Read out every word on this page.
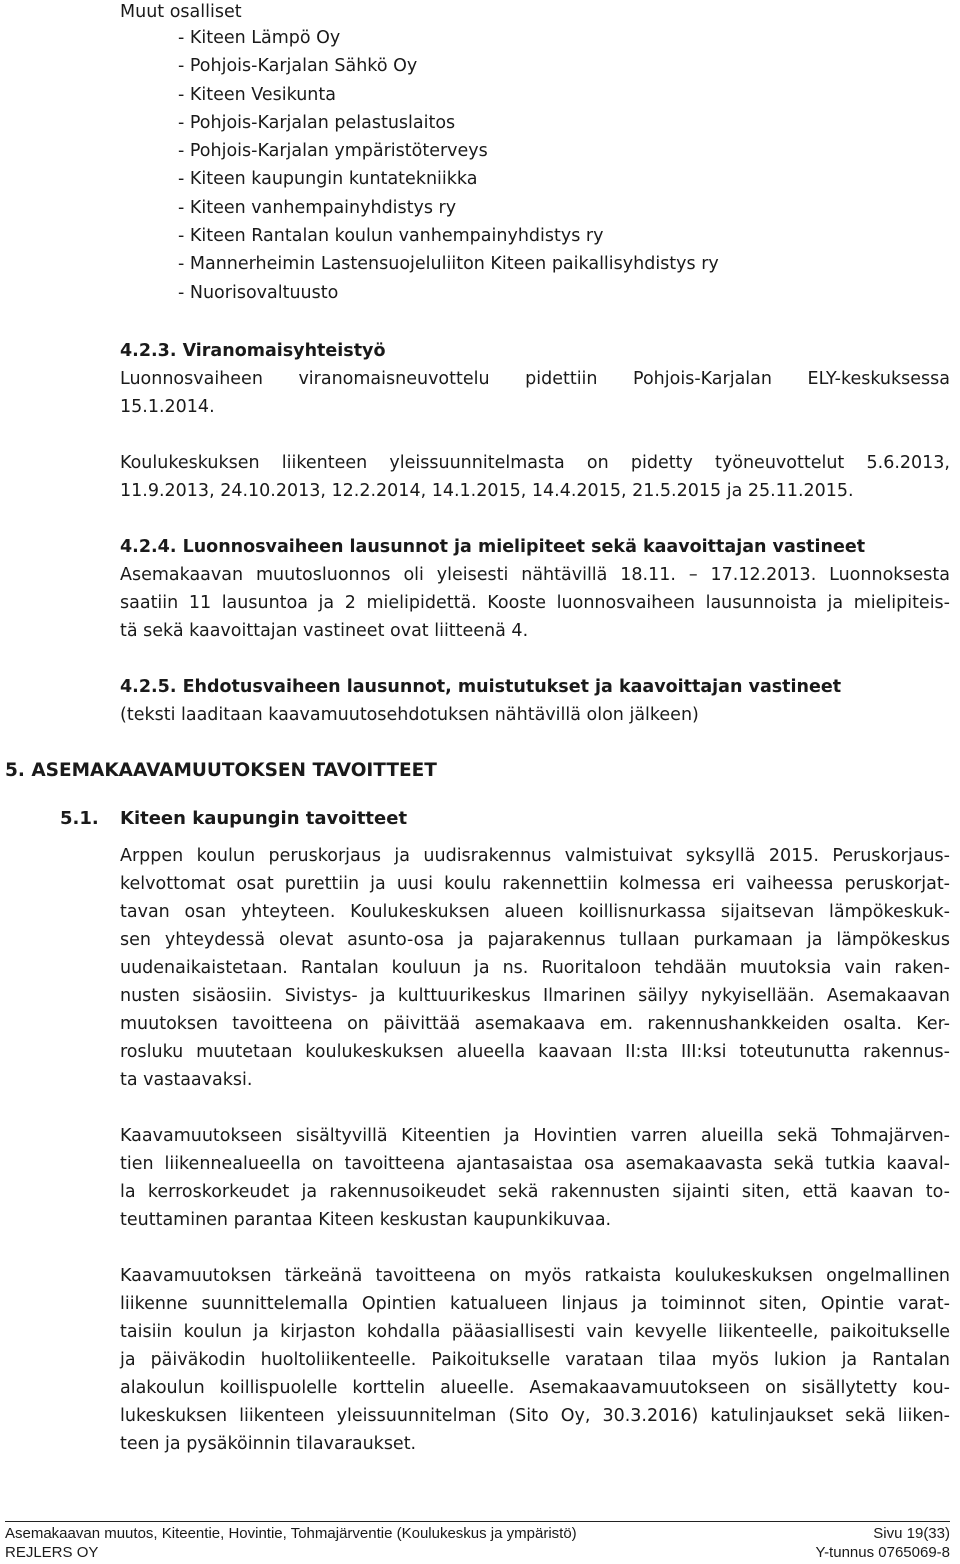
Muut osalliset
- Kiteen Lämpö Oy
- Pohjois-Karjalan Sähkö Oy
- Kiteen Vesikunta
- Pohjois-Karjalan pelastuslaitos
- Pohjois-Karjalan ympäristöterveys
- Kiteen kaupungin kuntatekniikka
- Kiteen vanhempainyhdistys ry
- Kiteen Rantalan koulun vanhempainyhdistys ry
- Mannerheimin Lastensuojeluliiton Kiteen paikallisyhdistys ry
- Nuorisovaltuusto
4.2.3. Viranomaisyhteistyö
Luonnosvaiheen viranomaisneuvottelu pidettiin Pohjois-Karjalan ELY-keskuksessa
15.1.2014.
Koulukeskuksen liikenteen yleissuunnitelmasta on pidetty työneuvottelut 5.6.2013,
11.9.2013, 24.10.2013, 12.2.2014, 14.1.2015, 14.4.2015, 21.5.2015 ja 25.11.2015.
4.2.4. Luonnosvaiheen lausunnot ja mielipiteet sekä kaavoittajan vastineet
Asemakaavan muutosluonnos oli yleisesti nähtävillä 18.11. – 17.12.2013. Luonnoksesta
saatiin 11 lausuntoa ja 2 mielipidettä. Kooste luonnosvaiheen lausunnoista ja mielipiteis-
tä sekä kaavoittajan vastineet ovat liitteenä 4.
4.2.5. Ehdotusvaiheen lausunnot, muistutukset ja kaavoittajan vastineet
(teksti laaditaan kaavamuutosehdotuksen nähtävillä olon jälkeen)
5. ASEMAKAAVAMUUTOKSEN TAVOITTEET
5.1. Kiteen kaupungin tavoitteet
Arppen koulun peruskorjaus ja uudisrakennus valmistuivat syksyllä 2015. Peruskorjaus-
kelvottomat osat purettiin ja uusi koulu rakennettiin kolmessa eri vaiheessa peruskorjat-
tavan osan yhteyteen. Koulukeskuksen alueen koillisnurkassa sijaitsevan lämpökeskuk-
sen yhteydessä olevat asunto-osa ja pajarakennus tullaan purkamaan ja lämpökeskus
uudenaikaistetaan. Rantalan kouluun ja ns. Ruoritaloon tehdään muutoksia vain raken-
nusten sisäosiin. Sivistys- ja kulttuurikeskus Ilmarinen säilyy nykyisellään. Asemakaavan
muutoksen tavoitteena on päivittää asemakaava em. rakennushankkeiden osalta. Ker-
rosluku muutetaan koulukeskuksen alueella kaavaan II:sta III:ksi toteutunutta rakennus-
ta vastaavaksi.
Kaavamuutokseen sisältyvillä Kiteentien ja Hovintien varren alueilla sekä Tohmajärven-
tien liikennealueella on tavoitteena ajantasaistaa osa asemakaavasta sekä tutkia kaaval-
la kerroskorkeudet ja rakennusoikeudet sekä rakennusten sijainti siten, että kaavan to-
teuttaminen parantaa Kiteen keskustan kaupunkikuvaa.
Kaavamuutoksen tärkeänä tavoitteena on myös ratkaista koulukeskuksen ongelmallinen
liikenne suunnittelemalla Opintien katualueen linjaus ja toiminnot siten, Opintie varat-
taisiin koulun ja kirjaston kohdalla pääasiallisesti vain kevyelle liikenteelle, paikoitukselle
ja päiväkodin huoltoliikenteelle. Paikoitukselle varataan tilaa myös lukion ja Rantalan
alakoulun koillispuolelle korttelin alueelle. Asemakaavamuutokseen on sisällytetty kou-
lukeskuksen liikenteen yleissuunnitelman (Sito Oy, 30.3.2016) katulinjaukset sekä liiken-
teen ja pysäköinnin tilavaraukset.
Asemakaavan muutos, Kiteentie, Hovintie, Tohmajärventie (Koulukeskus ja ympäristö)	Sivu 19(33)
REJLERS OY	Y-tunnus 0765069-8
